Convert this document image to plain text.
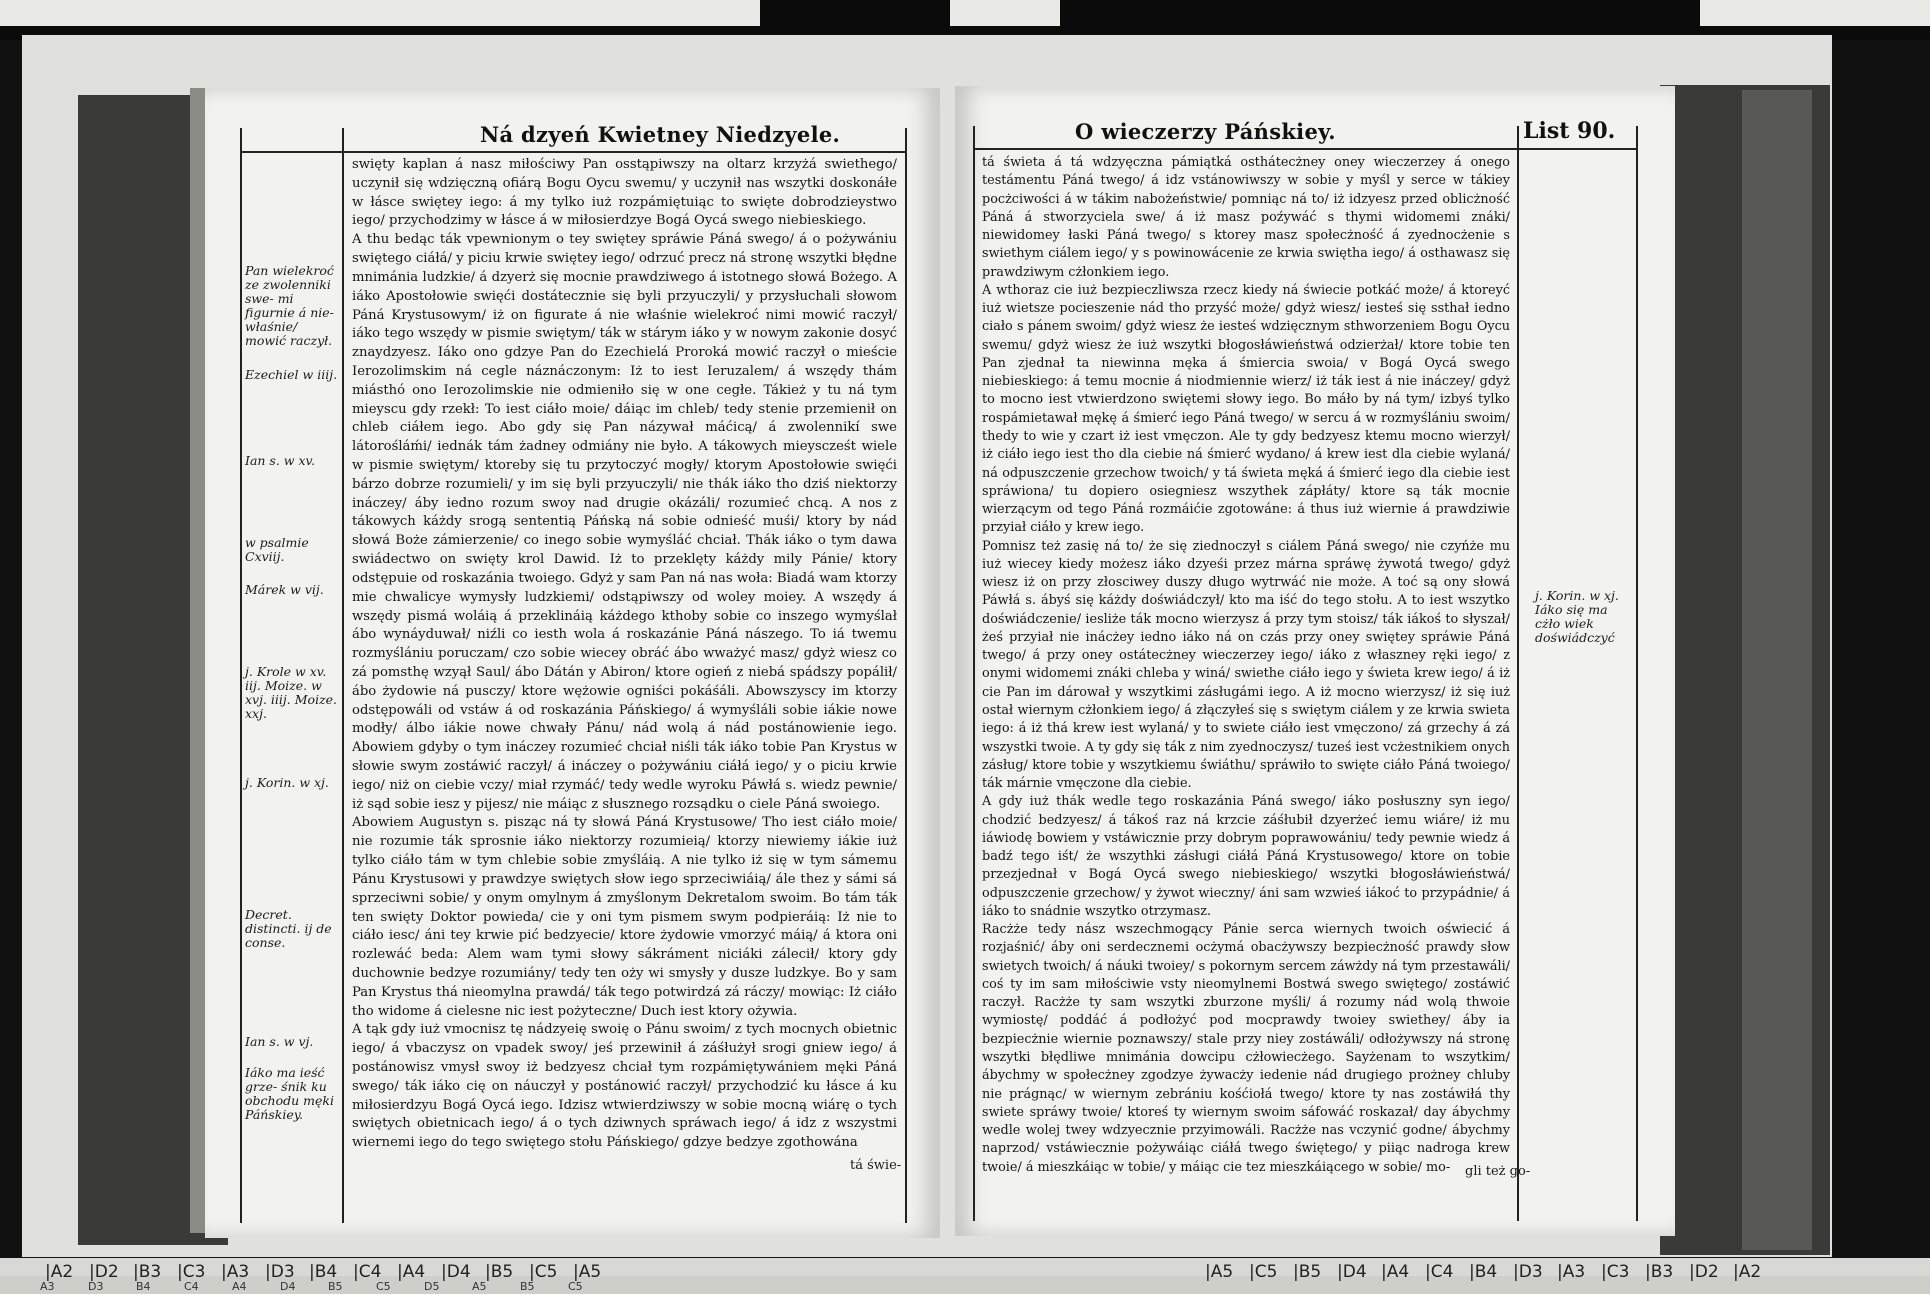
Ná dzyeń Kwietney Niedzyele.

swięty kaplan á nasz miłościwy Pan osstąpiwszy na oltarz krzyżá swiethego/ uczynił się wdzięczną ofiárą Bogu Oycu swemu/ y uczynił nas wszytki doskonáłe w łásce swiętey iego: á my tylko iuż rozpámiętuiąc to swięte dobrodzieystwo iego/ przychodzimy w łásce á w miłosierdzye Bogá Oycá swego niebieskiego.

A thu bedąc ták vpewnionym o tey swiętey spráwie Páná swego/ á o pożywániu swiętego ciáłá/ y piciu krwie swiętey iego/ odrzuć precz ná stronę wszytki błędne mnimánia ludzkie/ á dzyerż się mocnie prawdziwego á istotnego słowá Bożego. A iáko Apostołowie swięći dostátecznie się byli przyuczyli/ y przysłuchali słowom Páná Krystusowym/ iż on figurate á nie właśnie wielekroć nimi mowić raczył/ iáko tego wszędy w pismie swiętym/ ták w stárym iáko y w nowym zakonie dosyć znaydzyesz. Iáko ono gdzye Pan do Ezechielá Proroká mowić raczył o mieście Ierozolimskim ná cegle náznáczonym: Iż to iest Ieruzalem/ á wszędy thám miásthó ono Ierozolimskie nie odmieniło się w one cegłe. Tákież y tu ná tym mieyscu gdy rzekł: To iest ciáło moie/ dáiąc im chleb/ tedy stenie przemienił on chleb ciáłem iego. Abo gdy się Pan názywał máćicą/ á zwolennikí swe látorośláḿi/ iednák tám żadney odmiány nie było. A tákowych mieyscześt wiele w pismie swiętym/ ktoreby się tu przytoczyć mogły/ ktorym Apostołowie swięći bárzo dobrze rozumieli/ y im się byli przyuczyli/ nie thák iáko tho dziś niektorzy ináczey/ áby iedno rozum swoy nad drugie okázáli/ rozumieć chcą. A nos z tákowych káżdy srogą sententią Páńską ná sobie odnieść muśi/ ktory by nád słowá Boże zámierzenie/ co inego sobie wymyśláć chciał. Thák iáko o tym dawa swiádectwo on swięty krol Dawid. Iż to przeklęty káżdy mily Pánie/ ktory odstępuie od roskazánia twoiego. Gdyż y sam Pan ná nas woła: Biadá wam ktorzy mie chwalicye wymysły ludzkiemi/ odstąpiwszy od woley moiey. A wszędy á wszędy pismá woláią á przeklináią káżdego kthoby sobie co inszego wymyślał ábo wynáyduwał/ niźli co iesth wola á roskazánie Páná nászego. To iá twemu rozmyślániu poruczam/ czo sobie wiecey obráć ábo wważyć masz/ gdyż wiesz co zá pomsthę wzyął Saul/ ábo Dátán y Abiron/ ktore ogień z niebá spádszy popálił/ ábo żydowie ná pusczy/ ktore wężowie ogniści pokáśáli. Abowszyscy im ktorzy odstępowáli od vstáw á od roskazánia Páńskiego/ á wymyśláli sobie iákie nowe modły/ álbo iákie nowe chwały Pánu/ nád wolą á nád postánowienie iego. Abowiem gdyby o tym ináczey rozumieć chciał niśli ták iáko tobie Pan Krystus w słowie swym zostáwić raczył/ á ináczey o pożywániu ciáłá iego/ y o piciu krwie iego/ niż on ciebie vczy/ miał rzymáć/ tedy wedle wyroku Páwłá s. wiedz pewnie/ iż sąd sobie iesz y pijesz/ nie máiąc z słusznego rozsądku o ciele Páná swoiego.

Abowiem Augustyn s. pisząc ná ty słowá Páná Krystusowe/ Tho iest ciáło moie/ nie rozumie ták sprosnie iáko niektorzy rozumieią/ ktorzy niewiemy iákie iuż tylko ciáło tám w tym chlebie sobie zmyśláią. A nie tylko iż się w tym sámemu Pánu Krystusowi y prawdzye swiętych słow iego sprzeciwiáią/ ále thez y sámi sá sprzeciwni sobie/ y onym omylnym á zmyślonym Dekretalom swoim. Bo tám ták ten swięty Doktor powieda/ cie y oni tym pismem swym podpieráią: Iż nie to ciáło iesc/ áni tey krwie pić bedzyecie/ ktore żydowie vmorzyć máią/ á ktora oni rozlewáć beda: Alem wam tymi słowy sákráment niciáki zálecił/ ktory gdy duchownie bedzye rozumiány/ tedy ten oży wi smysły y dusze ludzkye. Bo y sam Pan Krystus thá nieomylna prawdá/ ták tego potwirdzá zá ráczy/ mowiąc: Iż ciáło tho widome á cielesne nic iest pożyteczne/ Duch iest ktory ożywia.

A tąk gdy iuż vmocnisz tę nádzyeię swoię o Pánu swoim/ z tych mocnych obietnic iego/ á vbaczysz on vpadek swoy/ jeś przewinił á záśłużył srogi gniew iego/ á postánowisz vmysł swoy iż bedzyesz chciał tym rozpámiętywániem męki Páná swego/ ták iáko cię on náuczył y postánowić raczył/ przychodzić ku łásce á ku miłosierdzyu Bogá Oycá iego. Idzisz wtwierdziwszy w sobie mocną wiárę o tych swiętych obietnicach iego/ á o tych dziwnych spráwach iego/ á idz z wszystmi wiernemi iego do tego swiętego stołu Páńskiego/ gdzye bedzye zgothowána

tá świe-
Pan wielekroć ze zwolenniki swe- mi figurnie á nie- właśnie/ mowić raczył.
Ezechiel w iiij.
Ian s. w xv.
w psalmie Cxviij.
Márek w vij.
j. Krole w xv. iij. Moize. w xvj. iiij. Moize. xxj.
j. Korin. w xj.
Decret. distincti. ij de conse.
Ian s. w vj.
Iáko ma ieść grze- śnik ku obchodu męki Páńskiey.
O wieczerzy Páńskiey.	List 90.

tá świeta á tá wdzyęczna pámiątká osthátecżney oney wieczerzey á onego testámentu Páná twego/ á idz vstánowiwszy w sobie y myśl y serce w tákiey pocżciwości á w tákim nabożeństwie/ pomniąc ná to/ iż idzyesz przed oblicżność Páná á stworzyciela swe/ á iż masz poźywáć s thymi widomemi znáki/ niewidomey łaski Páná twego/ s ktorey masz społecżność á zyednocżenie s swiethym ciálem iego/ y s powinowácenie ze krwia swiętha iego/ á osthawasz się prawdziwym cżłonkiem iego.

A wthoraz cie iuż bezpieczliwsza rzecz kiedy ná świecie potkáć może/ á ktoreyć iuż wietsze pocieszenie nád tho przyść może/ gdyż wiesz/ iesteś się ssthał iedno ciało s pánem swoim/ gdyż wiesz że iesteś wdzięcznym sthworzeniem Bogu Oycu swemu/ gdyż wiesz że iuż wszytki błogosłáwieństwá odzierżał/ ktore tobie ten Pan zjednał ta niewinna męka á śmiercia swoia/ v Bogá Oycá swego niebieskiego: á temu mocnie á niodmiennie wierz/ iż ták iest á nie ináczey/ gdyż to mocno iest vtwierdzono swiętemi słowy iego. Bo máło by ná tym/ izbyś tylko rospámietawał mękę á śmierć iego Páná twego/ w sercu á w rozmyślániu swoim/ thedy to wie y czart iż iest vmęczon. Ale ty gdy bedzyesz ktemu mocno wierzył/ iż ciáło iego iest tho dla ciebie ná śmierć wydano/ á krew iest dla ciebie wylaná/ ná odpuszczenie grzechow twoich/ y tá świeta męká á śmierć iego dla ciebie iest spráwiona/ tu dopiero osiegniesz wszythek zápłáty/ ktore są ták mocnie wierzącym od tego Páná rozmáićie zgotowáne: á thus iuż wiernie á prawdziwie przyiał ciáło y krew iego.

Pomnisz też zasię ná to/ że się ziednoczył s ciálem Páná swego/ nie czyńże mu iuż wiecey kiedy możesz iáko dzyeśi przez márna spráwę żywotá twego/ gdyż wiesz iż on przy złosciwey duszy długo wytrwáć nie może. A toć są ony słowá Páwłá s. ábyś się káżdy doświádczył/ kto ma iść do tego stołu. A to iest wszytko doświádczenie/ iesliże ták mocno wierzysz á przy tym stoisz/ ták iákoś to słyszał/ żeś przyiał nie inácżey iedno iáko ná on czás przy oney swiętey spráwie Páná twego/ á przy oney ostátecżney wieczerzey iego/ iáko z właszney ręki iego/ z onymi widomemi znáki chleba y winá/ swiethe ciáło iego y świeta krew iego/ á iż cie Pan im dárował y wszytkimi zásługámi iego. A iż mocno wierzysz/ iż się iuż ostał wiernym cżłonkiem iego/ á złączyłeś się s swiętym ciálem y ze krwia swieta iego: á iż thá krew iest wylaná/ y to swiete ciáło iest vmęczono/ zá grzechy á zá wszystki twoie. A ty gdy się ták z nim zyednoczysz/ tuześ iest vcżestnikiem onych zásług/ ktore tobie y wszytkiemu świáthu/ spráwiło to swięte ciáło Páná twoiego/ ták márnie vmęczone dla ciebie.

A gdy iuż thák wedle tego roskazánia Páná swego/ iáko posłuszny syn iego/ chodzić bedzyesz/ á tákoś raz ná krzcie záśłubił dzyerżeć iemu wiáre/ iż mu iáwiodę bowiem y vstáwicznie przy dobrym poprawowániu/ tedy pewnie wiedz á badź tego iśt/ że wszythki zásługi ciáłá Páná Krystusowego/ ktore on tobie przezjednał v Bogá Oycá swego niebieskiego/ wszytki błogosłáwieństwá/ odpuszczenie grzechow/ y żywot wieczny/ áni sam wzwieś iákoć to przypádnie/ á iáko to snádnie wszytko otrzymasz.

Racżże tedy nász wszechmogący Pánie serca wiernych twoich oświecić á rozjaśnić/ áby oni serdecznemi ocżymá obacżywszy bezpiecżność prawdy słow swietych twoich/ á náuki twoiey/ s pokornym sercem záwżdy ná tym przestawáli/ coś ty im sam miłościwie vsty nieomylnemi Bostwá swego swiętego/ zostáwić raczył. Racżże ty sam wszytki zburzone myśli/ á rozumy nád wolą thwoie wymiostę/ poddáć á podłożyć pod mocprawdy twoiey swiethey/ áby ia bezpiecżnie wiernie poznawszy/ stale przy niey zostáwáli/ odłożywszy ná stronę wszytki błędliwe mnimánia dowcipu cżłowiecżego. Sayżenam to wszytkim/ ábychmy w społecżney zgodzye żywacży iedenie nád drugiego prożney chluby nie prágnąc/ w wiernym zebrániu kośćiołá twego/ ktore ty nas zostáwiłá thy swiete spráwy twoie/ ktoreś ty wiernym swoim sáfowáć roskazał/ day ábychmy wedle wolej twey wdzyecznie przyimowáli. Racżże nas vczynić godne/ ábychmy naprzod/ vstáwiecznie pożywáiąc ciáłá twego świętego/ y piiąc nadroga krew twoie/ á mieszkáiąc w tobie/ y máiąc cie tez mieszkáiącego w sobie/ mo-	gli też go-
j. Korin. w xj. Iáko się ma cżło wiek doświádczyć
|A2 |D2 |B3 |C3 |A3 |D3 |B4 |C4 |A4 |D4 |B5 |C5 |A5	|A5 |C5 |B5 |D4 |A4 |C4 |B4 |D3 |A3 |C3 |B3 |D2 |A2
A3	D3	B4	C4	A4	D4	B5	C5	D5	A5	B5	C5
